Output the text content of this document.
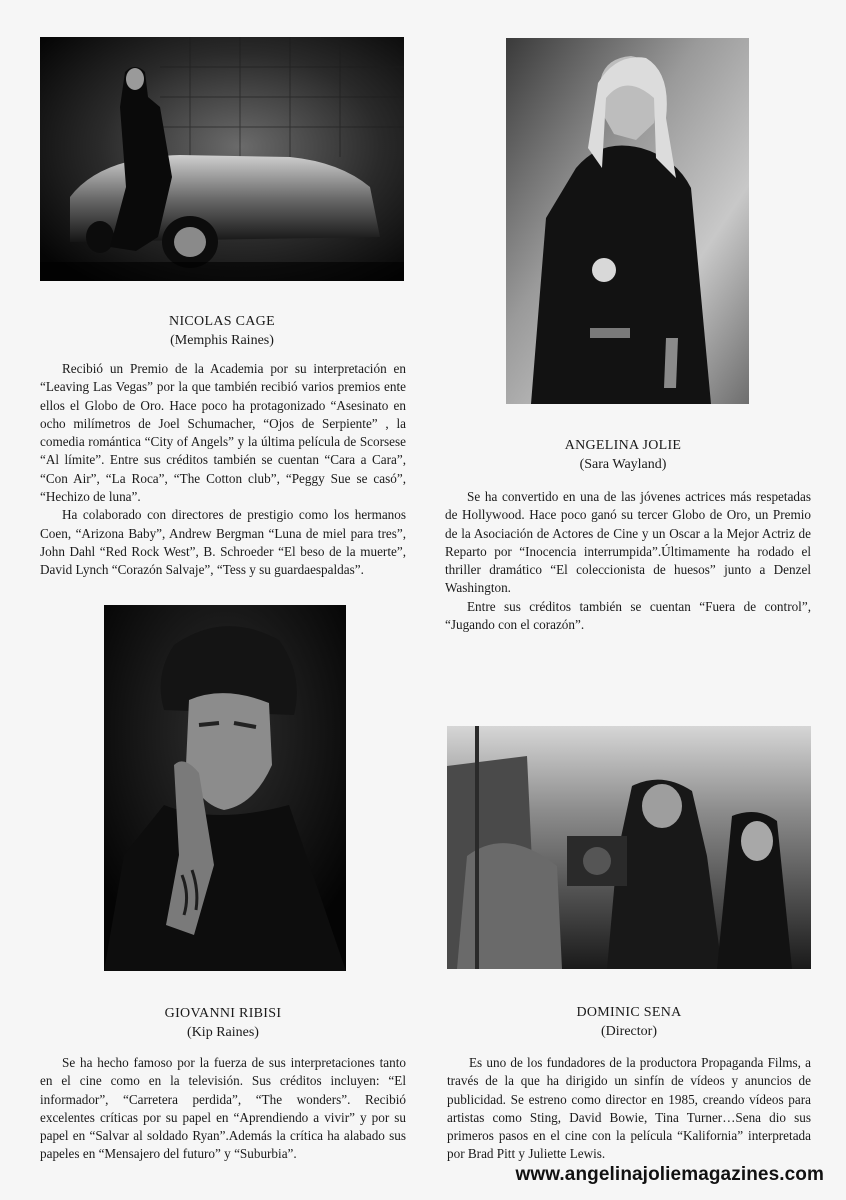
NICOLAS CAGE
(Memphis Raines)

Recibió un Premio de la Academia por su interpretación en “Leaving Las Vegas” por la que también recibió varios premios ente ellos el Globo de Oro. Hace poco ha protagonizado “Asesinato en ocho milímetros de Joel Schumacher, “Ojos de Serpiente” , la comedia romántica “City of Angels” y la última película de Scorsese “Al límite”. Entre sus créditos también se cuentan “Cara a Cara”, “Con Air”, “La Roca”, “The Cotton club”, “Peggy Sue se casó”, “Hechizo de luna”.

Ha colaborado con directores de prestigio como los hermanos Coen, “Arizona Baby”, Andrew Bergman “Luna de miel para tres”, John Dahl “Red Rock West”, B. Schroeder “El beso de la muerte”, David Lynch “Corazón Salvaje”, “Tess y su guardaespaldas”.

ANGELINA JOLIE
(Sara Wayland)

Se ha convertido en una de las jóvenes actrices más respetadas de Hollywood. Hace poco ganó su tercer Globo de Oro, un Premio de la Asociación de Actores de Cine y un Oscar a la Mejor Actriz de Reparto por “Inocencia interrumpida”.Últimamente ha rodado el thriller dramático “El coleccionista de huesos” junto a Denzel Washington.

Entre sus créditos también se cuentan “Fuera de control”, “Jugando con el corazón”.

GIOVANNI RIBISI
(Kip Raines)

Se ha hecho famoso por la fuerza de sus interpretaciones tanto en el cine como en la televisión. Sus créditos incluyen: “El informador”, “Carretera perdida”, “The wonders”. Recibió excelentes críticas por su papel en “Aprendiendo a vivir” y por su papel en “Salvar al soldado Ryan”.Además la crítica ha alabado sus papeles en “Mensajero del futuro” y “Suburbia”.

DOMINIC SENA
(Director)

Es uno de los fundadores de la productora Propaganda Films, a través de la que ha dirigido un sinfín de vídeos y anuncios de publicidad. Se estreno como director en 1985, creando vídeos para artistas como Sting, David Bowie, Tina Turner…Sena dio sus primeros pasos en el cine con la película “Kalifornia” interpretada por Brad Pitt y Juliette Lewis.

www.angelinajoliemagazines.com
